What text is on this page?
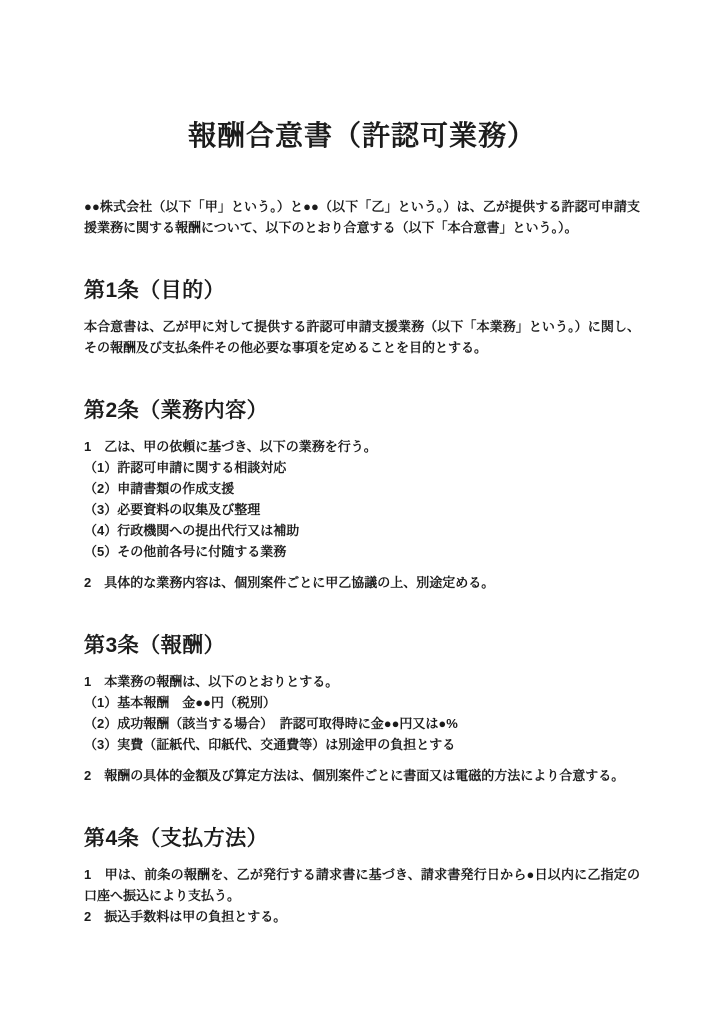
報酬合意書（許認可業務）

●●株式会社（以下「甲」という。）と●●（以下「乙」という。）は、乙が提供する許認可申請支援業務に関する報酬について、以下のとおり合意する（以下「本合意書」という。）。

第1条（目的）

本合意書は、乙が甲に対して提供する許認可申請支援業務（以下「本業務」という。）に関し、その報酬及び支払条件その他必要な事項を定めることを目的とする。

第2条（業務内容）

1　乙は、甲の依頼に基づき、以下の業務を行う。

（1）許認可申請に関する相談対応

（2）申請書類の作成支援

（3）必要資料の収集及び整理

（4）行政機関への提出代行又は補助

（5）その他前各号に付随する業務

2　具体的な業務内容は、個別案件ごとに甲乙協議の上、別途定める。

第3条（報酬）

1　本業務の報酬は、以下のとおりとする。

（1）基本報酬　金●●円（税別）

（2）成功報酬（該当する場合）　許認可取得時に金●●円又は●%

（3）実費（証紙代、印紙代、交通費等）は別途甲の負担とする

2　報酬の具体的金額及び算定方法は、個別案件ごとに書面又は電磁的方法により合意する。

第4条（支払方法）

1　甲は、前条の報酬を、乙が発行する請求書に基づき、請求書発行日から●日以内に乙指定の口座へ振込により支払う。

2　振込手数料は甲の負担とする。
